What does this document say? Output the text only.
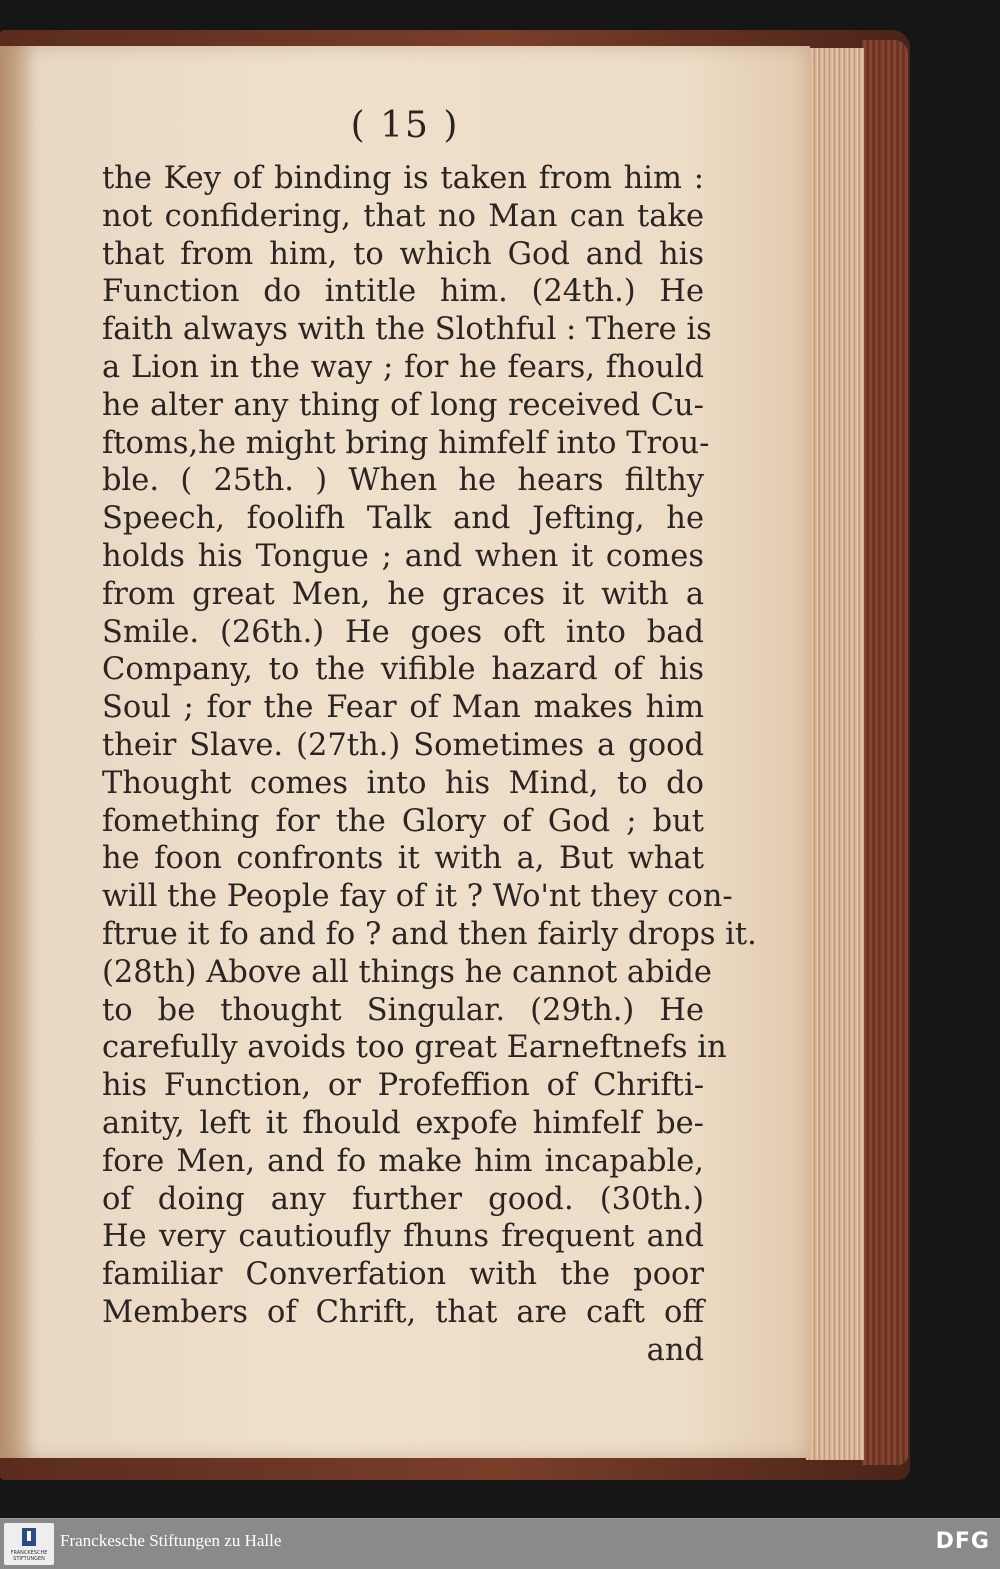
( 15 )
the Key of binding is taken from him :
not confidering, that no Man can take
that from him, to which God and his
Function do intitle him. (24th.) He
faith always with the Slothful : There is
a Lion in the way ; for he fears, fhould
he alter any thing of long received Cu-
ftoms,he might bring himfelf into Trou-
ble. ( 25th. ) When he hears filthy
Speech, foolifh Talk and Jefting, he
holds his Tongue ; and when it comes
from great Men, he graces it with a
Smile. (26th.) He goes oft into bad
Company, to the vifible hazard of his
Soul ; for the Fear of Man makes him
their Slave. (27th.) Sometimes a good
Thought comes into his Mind, to do
fomething for the Glory of God ; but
he foon confronts it with a, But what
will the People fay of it ? Wo'nt they con-
ftrue it fo and fo ? and then fairly drops it.
(28th) Above all things he cannot abide
to be thought Singular. (29th.) He
carefully avoids too great Earneftnefs in
his Function, or Profeffion of Chrifti-
anity, left it fhould expofe himfelf be-
fore Men, and fo make him incapable,
of doing any further good. (30th.)
He very cautioufly fhuns frequent and
familiar Converfation with the poor
Members of Chrift, that are caft off
and
FRANCKESCHE STIFTUNGEN
Franckesche Stiftungen zu Halle	DFG
